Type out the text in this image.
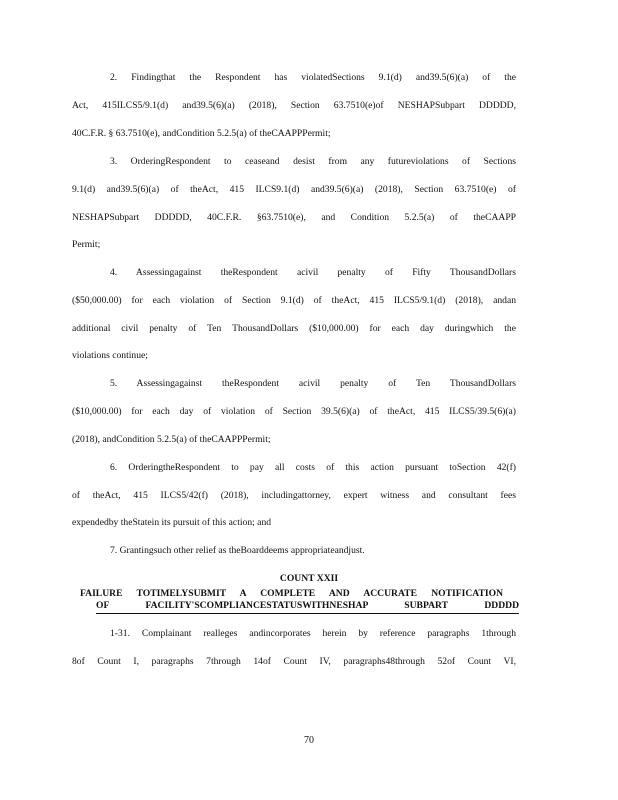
2. Findingthat the Respondent has violatedSections 9.1(d) and39.5(6)(a) of the
Act, 415ILCS5/9.1(d) and39.5(6)(a) (2018), Section 63.7510(e)of NESHAPSubpart DDDDD,
40C.F.R. § 63.7510(e), andCondition 5.2.5(a) of theCAAPPPermit;
3. OrderingRespondent to ceaseand desist from any futureviolations of Sections
9.1(d) and39.5(6)(a) of theAct, 415 ILCS9.1(d) and39.5(6)(a) (2018), Section 63.7510(e) of
NESHAPSubpart DDDDD, 40C.F.R. §63.7510(e), and Condition 5.2.5(a) of theCAAPP
Permit;
4. Assessingagainst theRespondent acivil penalty of Fifty ThousandDollars
($50,000.00) for each violation of Section 9.1(d) of theAct, 415 ILCS5/9.1(d) (2018), andan
additional civil penalty of Ten ThousandDollars ($10,000.00) for each day duringwhich the
violations continue;
5. Assessingagainst theRespondent acivil penalty of Ten ThousandDollars
($10,000.00) for each day of violation of Section 39.5(6)(a) of theAct, 415 ILCS5/39.5(6)(a)
(2018), andCondition 5.2.5(a) of theCAAPPPermit;
6. OrderingtheRespondent to pay all costs of this action pursuant toSection 42(f)
of theAct, 415 ILCS5/42(f) (2018), includingattorney, expert witness and consultant fees
expendedby theStatein its pursuit of this action; and
7. Grantingsuch other relief as theBoarddeems appropriateandjust.
COUNT XXII
FAILURE TOTIMELYSUBMIT A COMPLETE AND ACCURATE NOTIFICATION
OF FACILITY'SCOMPLIANCESTATUSWITHNESHAP SUBPART DDDDD
1-31. Complainant realleges andincorporates herein by reference paragraphs 1through
8of Count I, paragraphs 7through 14of Count IV, paragraphs48through 52of Count VI,
70
